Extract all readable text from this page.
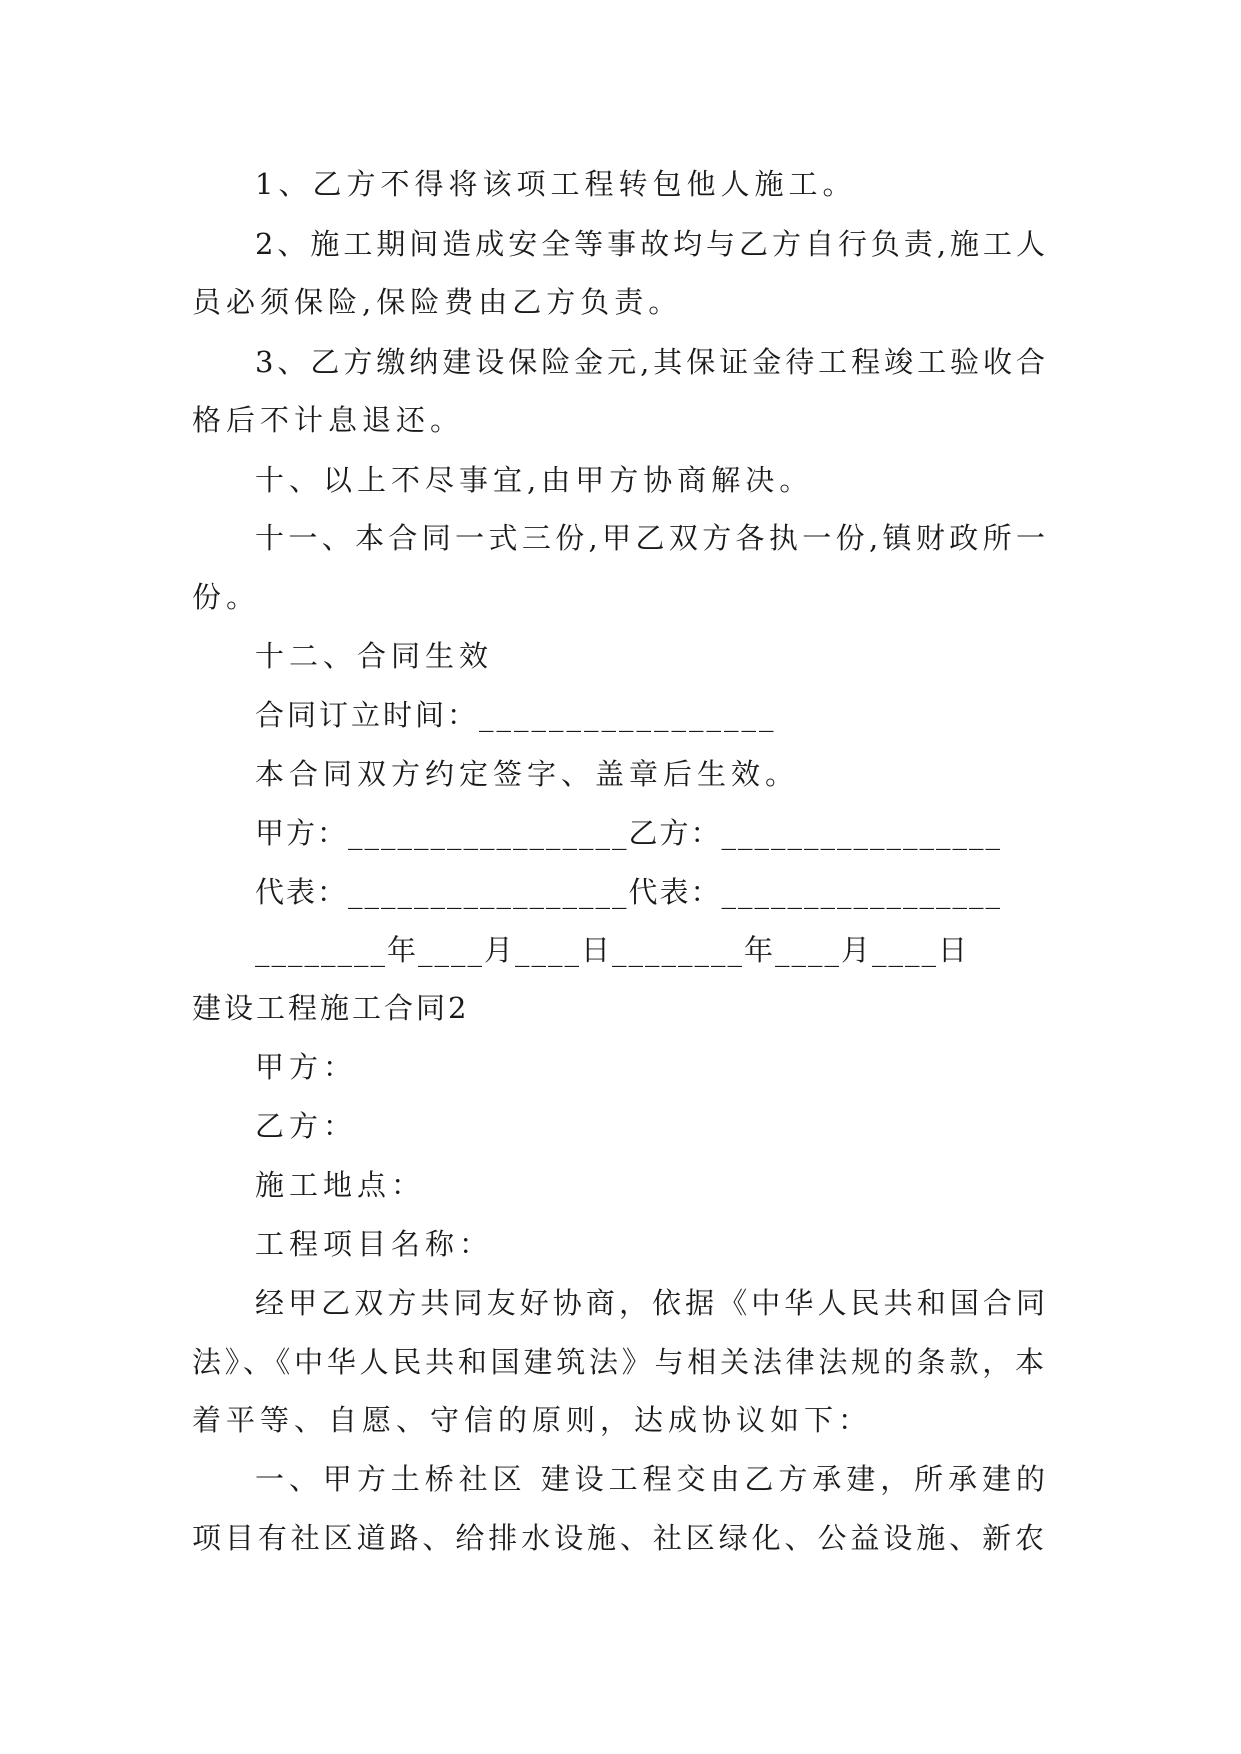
1、乙方不得将该项工程转包他人施工。
2、施工期间造成安全等事故均与乙方自行负责,施工人
员必须保险,保险费由乙方负责。
3、乙方缴纳建设保险金元,其保证金待工程竣工验收合
格后不计息退还。
十、以上不尽事宜,由甲方协商解决。
十一、本合同一式三份,甲乙双方各执一份,镇财政所一
份。
十二、合同生效
合同订立时间：_________________
本合同双方约定签字、盖章后生效。
甲方：_________________乙方：_________________
代表：_________________代表：_________________
________年____月____日________年____月____日
建设工程施工合同2
甲方：
乙方：
施工地点：
工程项目名称：
经甲乙双方共同友好协商，依据《中华人民共和国合同
法》、《中华人民共和国建筑法》与相关法律法规的条款，本
着平等、自愿、守信的原则，达成协议如下：
一、甲方土桥社区 建设工程交由乙方承建，所承建的
项目有社区道路、给排水设施、社区绿化、公益设施、新农
